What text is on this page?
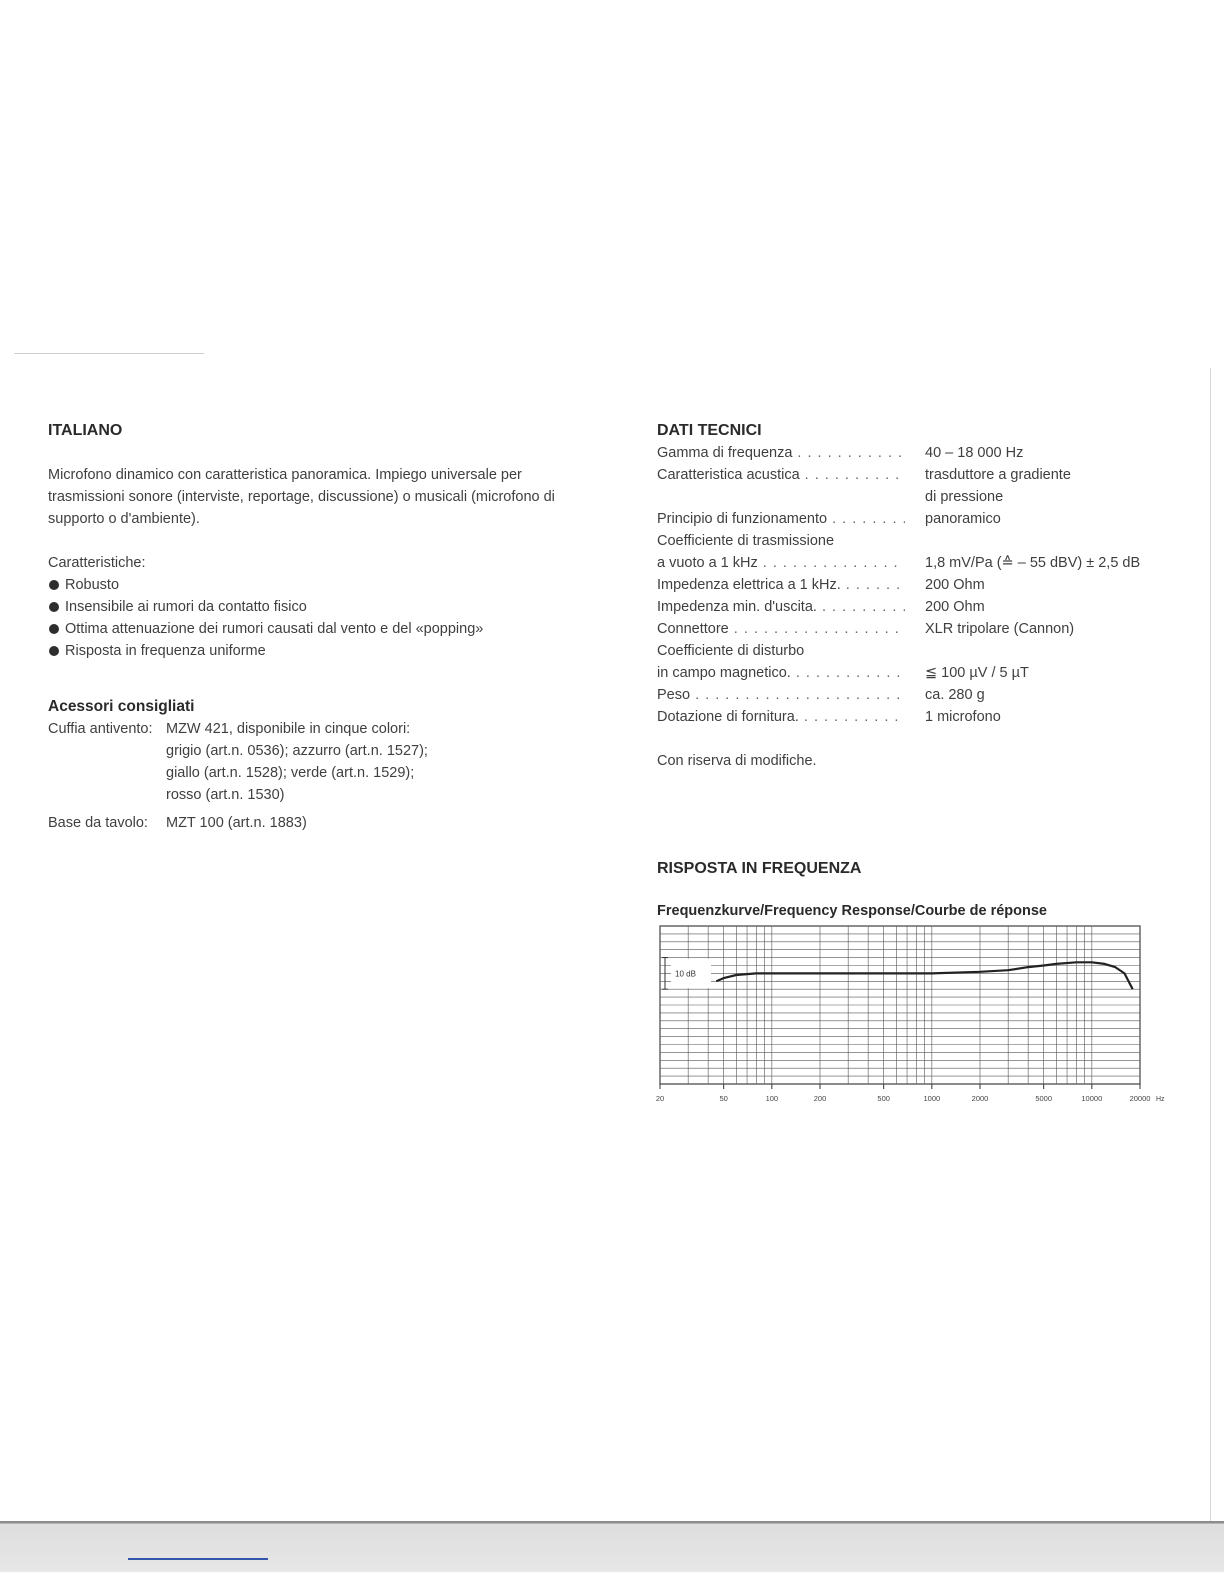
ITALIANO

Microfono dinamico con caratteristica panoramica. Impiego universale per trasmissioni sonore (interviste, reportage, discussione) o musicali (microfono di supporto o d'ambiente).

Caratteristiche:

Robusto
Insensibile ai rumori da contatto fisico
Ottima attenuazione dei rumori causati dal vento e del «popping»
Risposta in frequenza uniforme
Acessori consigliati
Cuffia antivento: MZW 421, disponibile in cinque colori:
grigio (art.n. 0536); azzurro (art.n. 1527);
giallo (art.n. 1528); verde (art.n. 1529);
rosso (art.n. 1530)
Base da tavolo:	MZT 100 (art.n. 1883)
DATI TECNICI
Gamma di frequenza . . .	40 – 18 000 Hz
Caratteristica acustica . . .	trasduttore a gradiente
di pressione
Principio di funzionamento . . .	panoramico
Coefficiente di trasmissione
a vuoto a 1 kHz . . .	1,8 mV/Pa (≙ – 55 dBV) ± 2,5 dB
Impedenza elettrica a 1 kHz. . . .	200 Ohm
Impedenza min. d'uscita. . . .	200 Ohm
Connettore . . .	XLR tripolare (Cannon)
Coefficiente di disturbo
in campo magnetico. . . .	≦ 100 µV / 5 µT
Peso . . .	ca. 280 g
Dotazione di fornitura. . . .	1 microfono

Con riserva di modifiche.

RISPOSTA IN FREQUENZA
Frequenzkurve/Frequency Response/Courbe de réponse
20	50	100	200	500	1000	2000	5000	10000	20000 Hz
10 dB
